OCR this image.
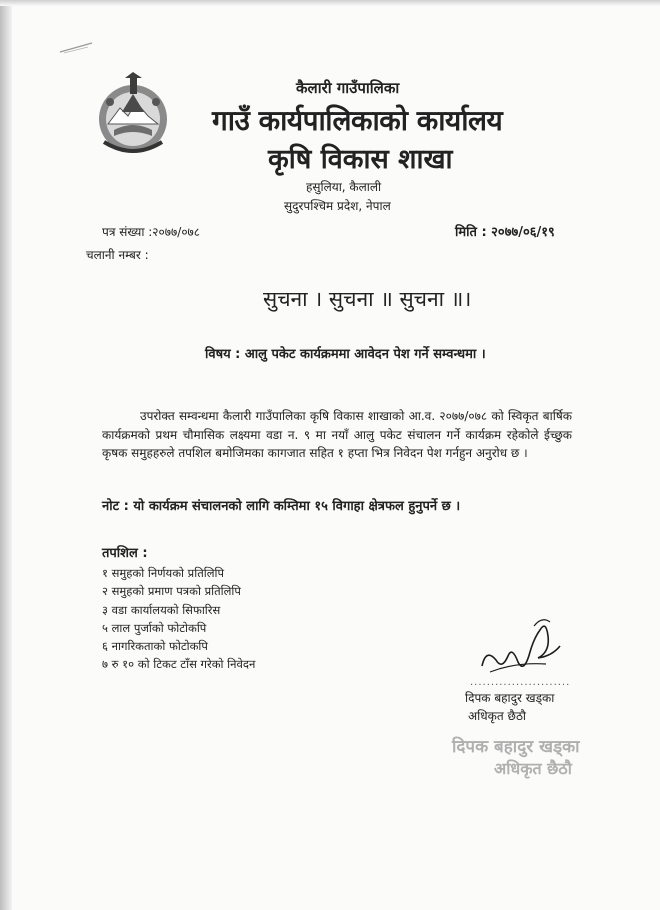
कैलारी गाउँपालिका
गाउँ कार्यपालिकाको कार्यालय
कृषि विकास शाखा
हसुलिया, कैलाली
सुदुरपश्चिम प्रदेश, नेपाल
पत्र संख्या :२०७७/०७८	मिति : २०७७/०६/१९
चलानी नम्बर :
सुचना । सुचना ॥ सुचना ॥।
विषय : आलु पकेट कार्यक्रममा आवेदन पेश गर्ने सम्वन्धमा ।
उपरोक्त सम्वन्धमा कैलारी गाउँपालिका कृषि विकास शाखाको आ.व. २०७७/०७८ को स्विकृत बार्षिक कार्यक्रमको प्रथम चौमासिक लक्ष्यमा वडा न. ९ मा नयाँ आलु पकेट संचालन गर्ने कार्यक्रम रहेकोले ईच्छुक कृषक समुहहरुले तपशिल बमोजिमका कागजात सहित १ हप्ता भित्र निवेदन पेश गर्नहुन अनुरोध छ ।
नोट : यो कार्यक्रम संचालनको लागि कम्तिमा १५ विगाहा क्षेत्रफल हुनुपर्ने छ ।
तपशिल :
१ समुहको निर्णयको प्रतिलिपि
२ समुहको प्रमाण पत्रको प्रतिलिपि
३ वडा कार्यालयको सिफारिस
५ लाल पुर्जाको फोटोकपि
६ नागरिकताको फोटोकपि
७ रु १० को टिकट टाँस गरेको निवेदन
........................
दिपक बहादुर खड्का
अधिकृत छैठौ
दिपक बहादुर खड्का
अधिकृत छैठौ
